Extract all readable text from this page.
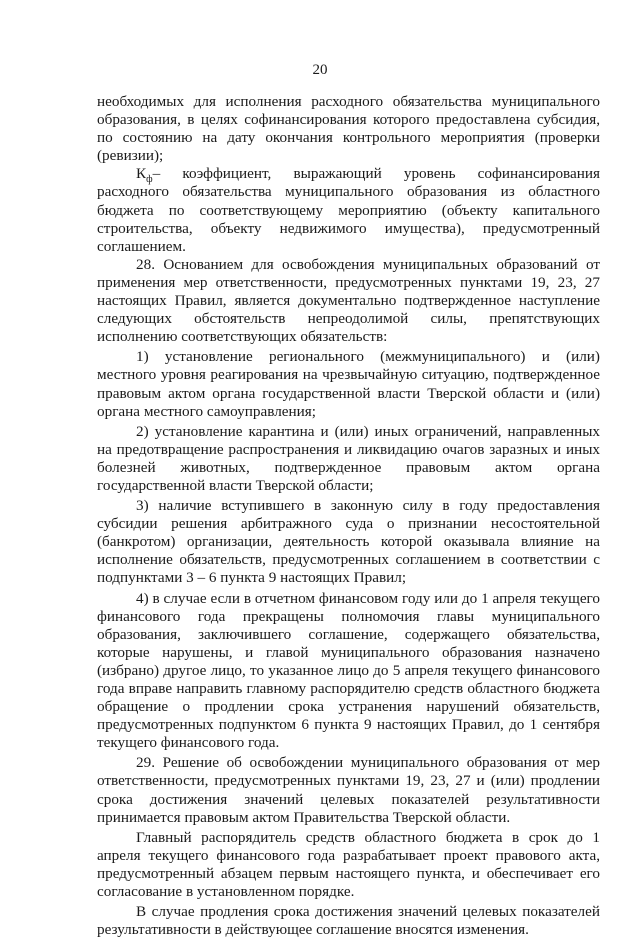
20

необходимых для исполнения расходного обязательства муниципального образования, в целях софинансирования которого предоставлена субсидия, по состоянию на дату окончания контрольного мероприятия (проверки (ревизии);

$К_ф-$ коэффициент, выражающий уровень софинансирования расходного обязательства муниципального образования из областного бюджета по соответствующему мероприятию (объекту капитального строительства, объекту недвижимого имущества), предусмотренный соглашением.

28. Основанием для освобождения муниципальных образований от применения мер ответственности, предусмотренных пунктами 19, 23, 27 настоящих Правил, является документально подтвержденное наступление следующих обстоятельств непреодолимой силы, препятствующих исполнению соответствующих обязательств:

1) установление регионального (межмуниципального) и (или) местного уровня реагирования на чрезвычайную ситуацию, подтвержденное правовым актом органа государственной власти Тверской области и (или) органа местного самоуправления;

2) установление карантина и (или) иных ограничений, направленных на предотвращение распространения и ликвидацию очагов заразных и иных болезней животных, подтвержденное правовым актом органа государственной власти Тверской области;

3) наличие вступившего в законную силу в году предоставления субсидии решения арбитражного суда о признании несостоятельной (банкротом) организации, деятельность которой оказывала влияние на исполнение обязательств, предусмотренных соглашением в соответствии с подпунктами 3 – 6 пункта 9 настоящих Правил;

4) в случае если в отчетном финансовом году или до 1 апреля текущего финансового года прекращены полномочия главы муниципального образования, заключившего соглашение, содержащего обязательства, которые нарушены, и главой муниципального образования назначено (избрано) другое лицо, то указанное лицо до 5 апреля текущего финансового года вправе направить главному распорядителю средств областного бюджета обращение о продлении срока устранения нарушений обязательств, предусмотренных подпунктом 6 пункта 9 настоящих Правил, до 1 сентября текущего финансового года.

29. Решение об освобождении муниципального образования от мер ответственности, предусмотренных пунктами 19, 23, 27 и (или) продлении срока достижения значений целевых показателей результативности принимается правовым актом Правительства Тверской области.

Главный распорядитель средств областного бюджета в срок до 1 апреля текущего финансового года разрабатывает проект правового акта, предусмотренный абзацем первым настоящего пункта, и обеспечивает его согласование в установленном порядке.

В случае продления срока достижения значений целевых показателей результативности в действующее соглашение вносятся изменения.
